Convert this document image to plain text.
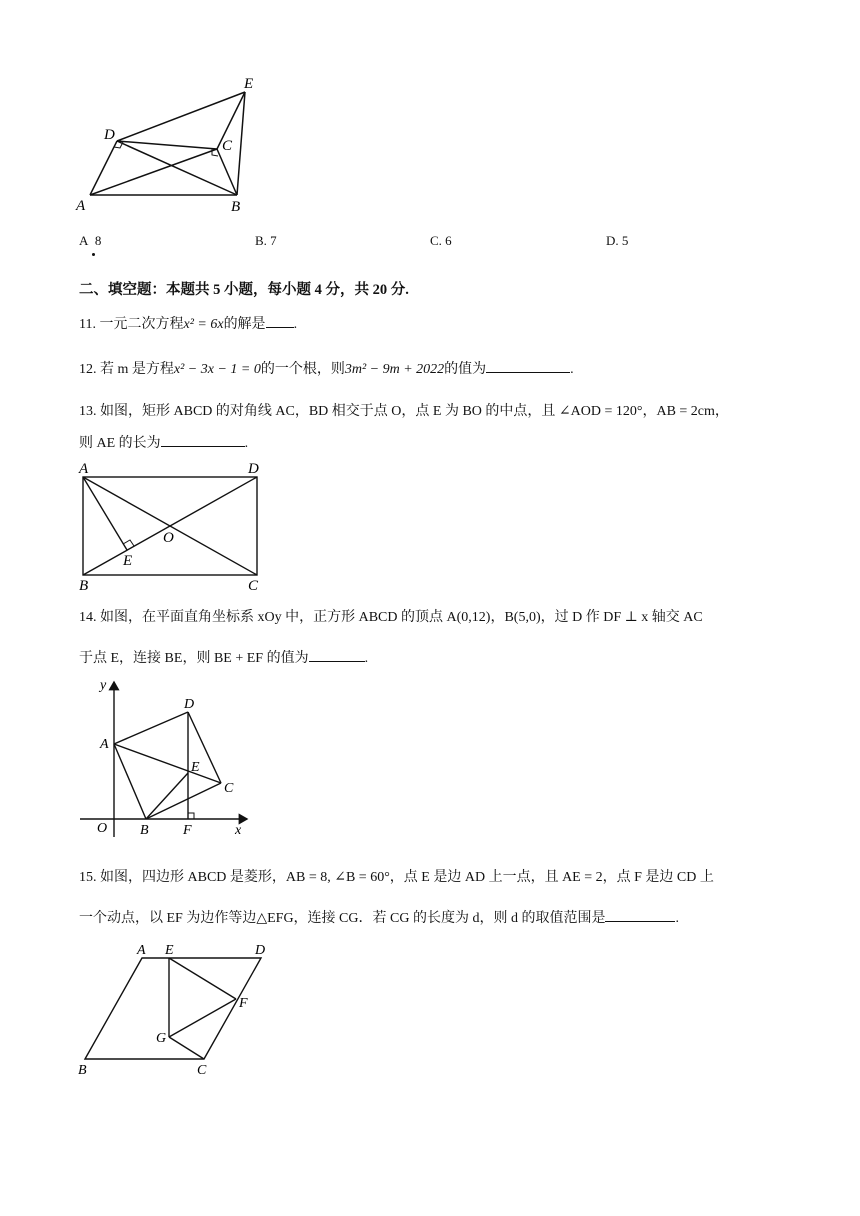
A	B
C
D
E
A 8	B. 7	C. 6	D. 5
二、填空题：本题共 5 小题，每小题 4 分，共 20 分.
11. 一元二次方程x² = 6x的解是 .
12. 若 m 是方程x² − 3x − 1 = 0的一个根，则3m² − 9m + 2022的值为	.
13. 如图，矩形 ABCD 的对角线 AC，BD 相交于点 O，点 E 为 BO 的中点，且 ∠AOD = 120°，AB = 2cm，
则 AE 的长为	.
A	D
B	C
E
O
14. 如图，在平面直角坐标系 xOy 中，正方形 ABCD 的顶点 A(0,12)，B(5,0)，过 D 作 DF ⊥ x 轴交 AC
于点 E，连接 BE，则 BE + EF 的值为	.
y
x
O
A
B
C
D
E
F
15. 如图，四边形 ABCD 是菱形，AB = 8, ∠B = 60°，点 E 是边 AD 上一点，且 AE = 2，点 F 是边 CD 上
一个动点，以 EF 为边作等边△EFG，连接 CG．若 CG 的长度为 d，则 d 的取值范围是	.
A E	D
F
G
B	C
